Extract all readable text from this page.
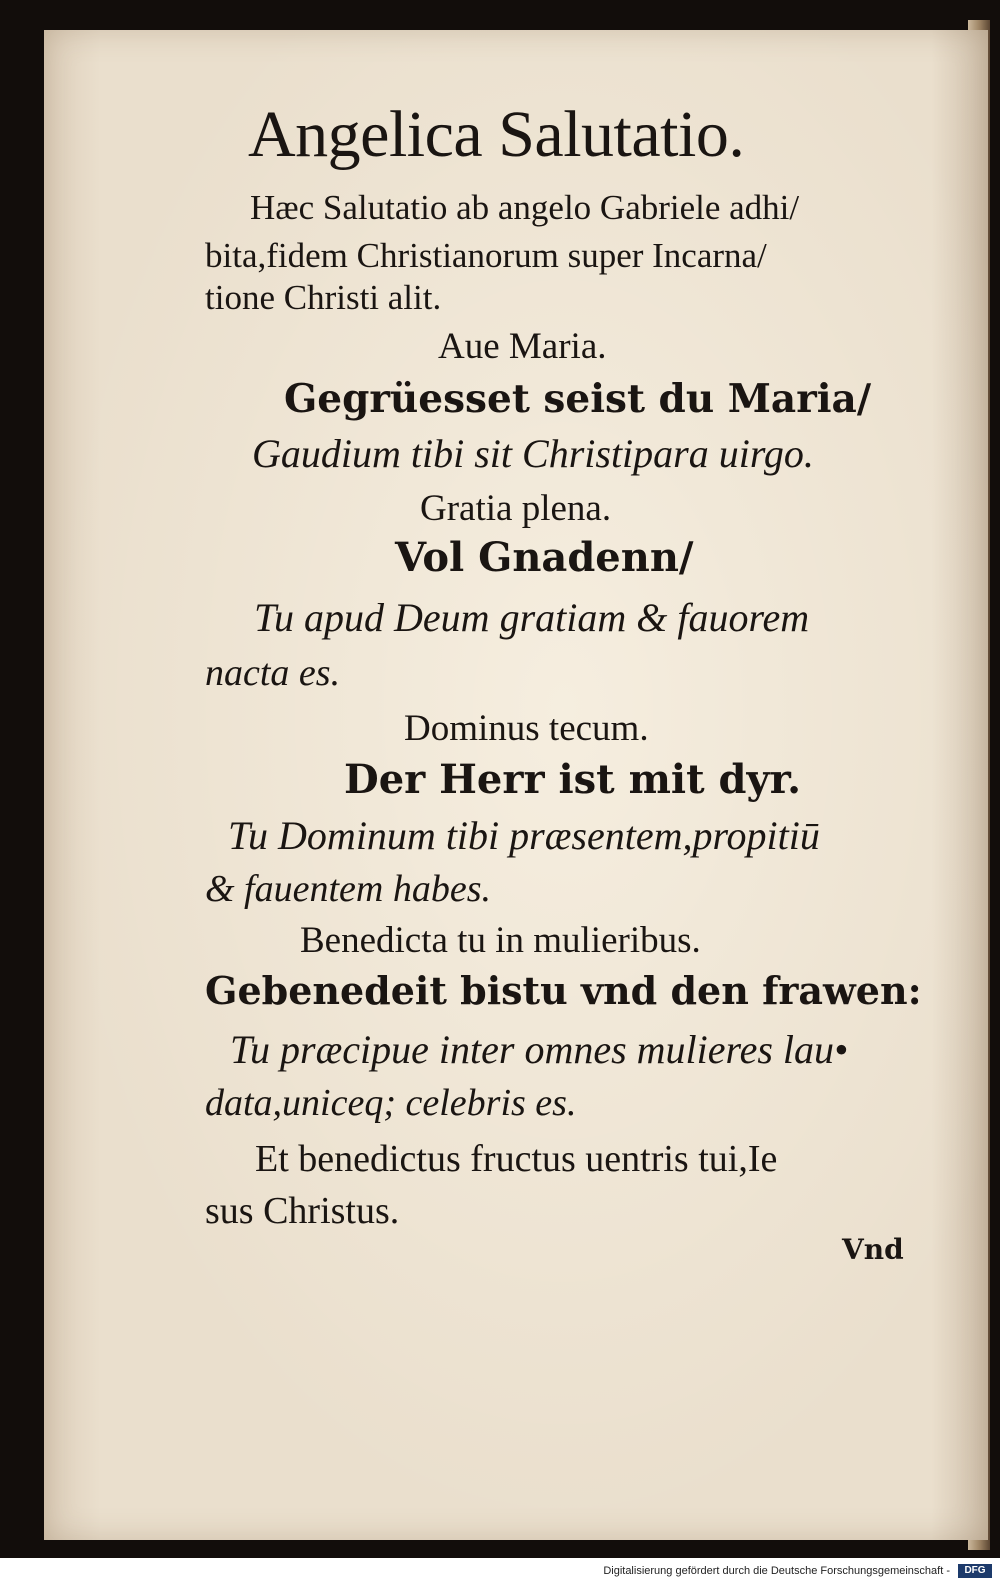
Angelica Salutatio.
Hæc Salutatio ab angelo Gabriele adhi/
bita,fidem Christianorum super Incarna/
tione Christi alit.
Aue Maria.
Gegrüesset seist du Maria/
Gaudium tibi sit Christipara uirgo.
Gratia plena.
Vol Gnadenn/
Tu apud Deum gratiam & fauorem
nacta es.
Dominus tecum.
Der Herr ist mit dyr.
Tu Dominum tibi præsentem,propitiū
& fauentem habes.
Benedicta tu in mulieribus.
Gebenedeit bistu vnd den frawen:
Tu præcipue inter omnes mulieres lau•
data,uniceq; celebris es.
Et benedictus fructus uentris tui,Ie
sus Christus.
Vnd
Digitalisierung gefördert durch die Deutsche Forschungsgemeinschaft -	DFG
